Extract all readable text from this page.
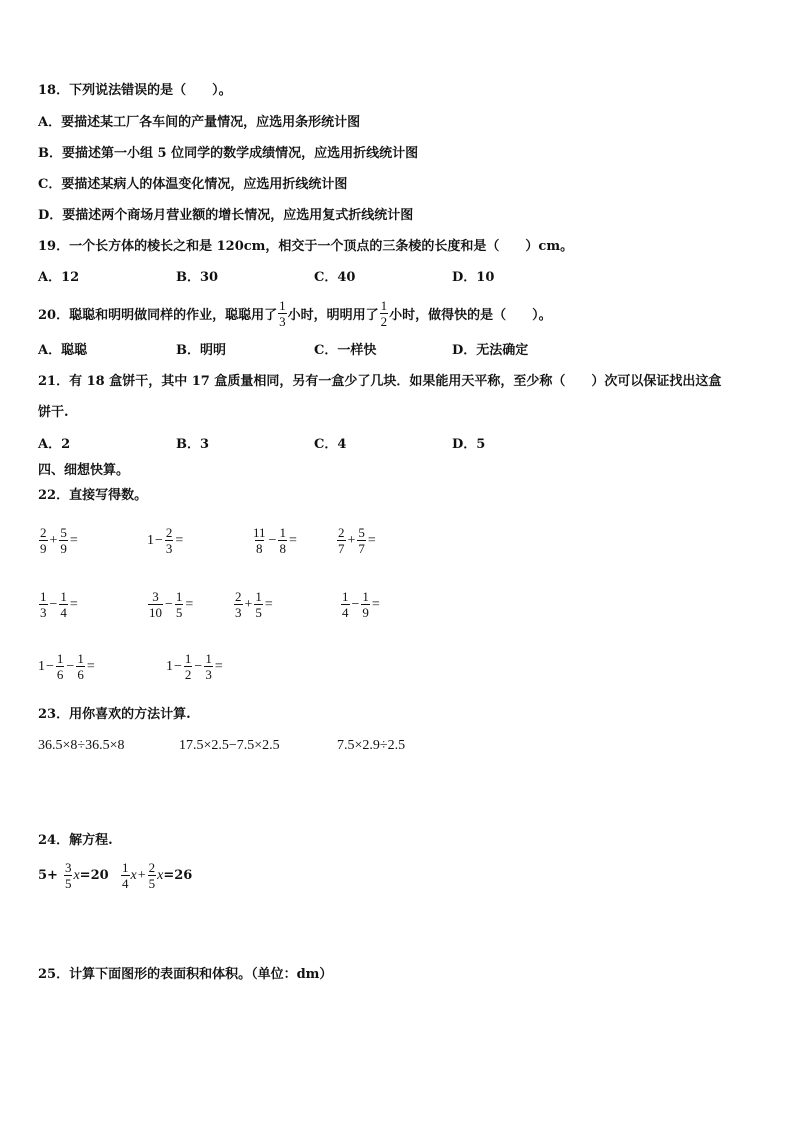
18．下列说法错误的是（　　）。
A．要描述某工厂各车间的产量情况，应选用条形统计图
B．要描述第一小组 5 位同学的数学成绩情况，应选用折线统计图
C．要描述某病人的体温变化情况，应选用折线统计图
D．要描述两个商场月营业额的增长情况，应选用复式折线统计图
19．一个长方体的棱长之和是 120cm，相交于一个顶点的三条棱的长度和是（　　）cm。
A．12	B．30	C．40	D．10
20．聪聪和明明做同样的作业，聪聪用了 $\frac{1}{3}$ 小时，明明用了 $\frac{1}{2}$ 小时，做得快的是（　　）。
A．聪聪	B．明明	C．一样快	D．无法确定
21．有 18 盒饼干，其中 17 盒质量相同，另有一盒少了几块．如果能用天平称，至少称（　　）次可以保证找出这盒
饼干.
A．2	B．3	C．4	D．5
四、细想快算。
22．直接写得数。
$\frac{2}{9} + \frac{5}{9}$ =	$1 - \frac{2}{3}$ =	$\frac{11}{8} - \frac{1}{8}$ =	$\frac{2}{7} + \frac{5}{7}$ =
$\frac{1}{3} - \frac{1}{4}$ =	$\frac{3}{10} - \frac{1}{5}$ =	$\frac{2}{3} + \frac{1}{5}$ =	$\frac{1}{4} - \frac{1}{9}$ =
$1 - \frac{1}{6} - \frac{1}{6}$ =	$1 - \frac{1}{2} - \frac{1}{3}$ =
23．用你喜欢的方法计算.
36.5×8÷36.5×8	17.5×2.5−7.5×2.5	7.5×2.9÷2.5
24．解方程.
$5+ \frac{3}{5}$ $x =20 \frac{1}{4}$ $x + \frac{2}{5}$ x =26
25．计算下面图形的表面积和体积。（单位：dm）
